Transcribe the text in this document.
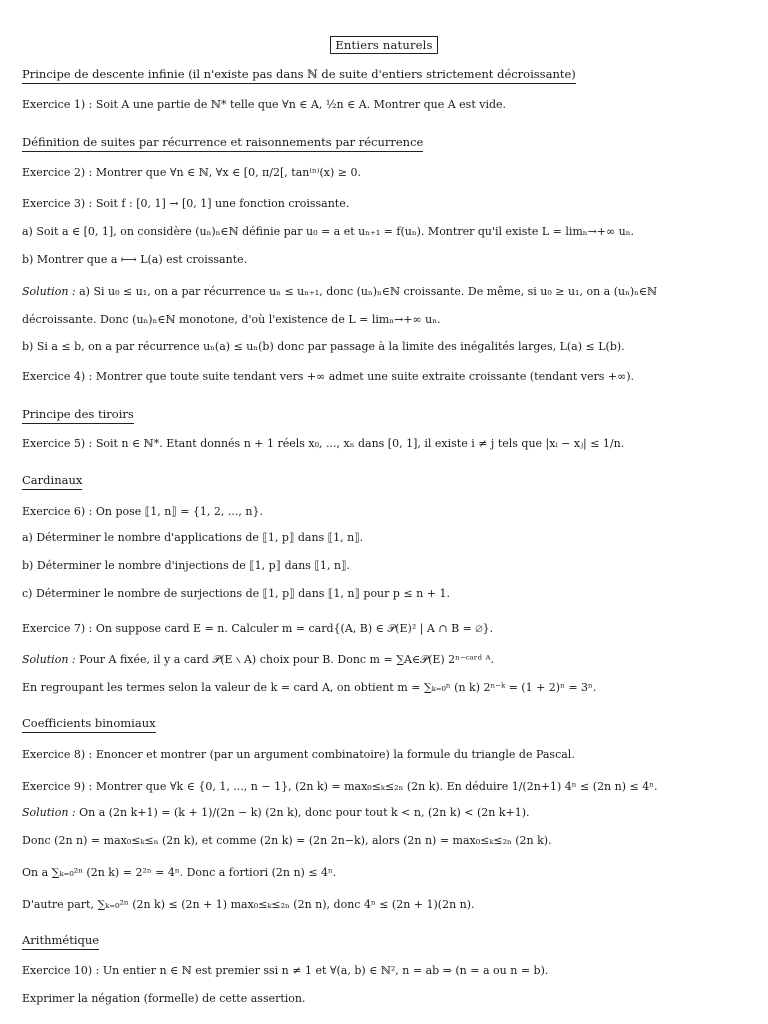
Entiers naturels
Principe de descente infinie (il n'existe pas dans ℕ de suite d'entiers strictement décroissante)
Exercice 1) : Soit A une partie de ℕ* telle que ∀n ∈ A, ½n ∈ A. Montrer que A est vide.
Définition de suites par récurrence et raisonnements par récurrence
Exercice 2) : Montrer que ∀n ∈ ℕ, ∀x ∈ [0, π/2[, tan⁽ⁿ⁾(x) ≥ 0.
Exercice 3) : Soit f : [0, 1] → [0, 1] une fonction croissante.
a) Soit a ∈ [0, 1], on considère (uₙ)ₙ∈ℕ définie par u₀ = a et uₙ₊₁ = f(uₙ). Montrer qu'il existe L = limₙ→+∞ uₙ.
b) Montrer que a ⟼ L(a) est croissante.
Solution : a) Si u₀ ≤ u₁, on a par récurrence uₙ ≤ uₙ₊₁, donc (uₙ)ₙ∈ℕ croissante. De même, si u₀ ≥ u₁, on a (uₙ)ₙ∈ℕ
décroissante. Donc (uₙ)ₙ∈ℕ monotone, d'où l'existence de L = limₙ→+∞ uₙ.
b) Si a ≤ b, on a par récurrence uₙ(a) ≤ uₙ(b) donc par passage à la limite des inégalités larges, L(a) ≤ L(b).
Exercice 4) : Montrer que toute suite tendant vers +∞ admet une suite extraite croissante (tendant vers +∞).
Principe des tiroirs
Exercice 5) : Soit n ∈ ℕ*. Etant donnés n + 1 réels x₀, ..., xₙ dans [0, 1], il existe i ≠ j tels que |xᵢ − xⱼ| ≤ 1/n.
Cardinaux
Exercice 6) : On pose ⟦1, n⟧ = {1, 2, ..., n}.
a) Déterminer le nombre d'applications de ⟦1, p⟧ dans ⟦1, n⟧.
b) Déterminer le nombre d'injections de ⟦1, p⟧ dans ⟦1, n⟧.
c) Déterminer le nombre de surjections de ⟦1, p⟧ dans ⟦1, n⟧ pour p ≤ n + 1.
Exercice 7) : On suppose card E = n. Calculer m = card{(A, B) ∈ 𝒫(E)² | A ∩ B = ∅}.
Solution : Pour A fixée, il y a card 𝒫(E ∖ A) choix pour B. Donc m = ∑A∈𝒫(E) 2ⁿ⁻ᶜᵃʳᵈ ᴬ.
En regroupant les termes selon la valeur de k = card A, on obtient m = ∑ₖ₌₀ⁿ (n k) 2ⁿ⁻ᵏ = (1 + 2)ⁿ = 3ⁿ.
Coefficients binomiaux
Exercice 8) : Enoncer et montrer (par un argument combinatoire) la formule du triangle de Pascal.
Exercice 9) : Montrer que ∀k ∈ {0, 1, ..., n − 1}, (2n k) = max₀≤ₖ≤₂ₙ (2n k). En déduire 1/(2n+1) 4ⁿ ≤ (2n n) ≤ 4ⁿ.
Solution : On a (2n k+1) = (k + 1)/(2n − k) (2n k), donc pour tout k < n, (2n k) < (2n k+1).
Donc (2n n) = max₀≤ₖ≤ₙ (2n k), et comme (2n k) = (2n 2n−k), alors (2n n) = max₀≤ₖ≤₂ₙ (2n k).
On a ∑ₖ₌₀²ⁿ (2n k) = 2²ⁿ = 4ⁿ. Donc a fortiori (2n n) ≤ 4ⁿ.
D'autre part, ∑ₖ₌₀²ⁿ (2n k) ≤ (2n + 1) max₀≤ₖ≤₂ₙ (2n n), donc 4ⁿ ≤ (2n + 1)(2n n).
Arithmétique
Exercice 10) : Un entier n ∈ ℕ est premier ssi n ≠ 1 et ∀(a, b) ∈ ℕ², n = ab ⇒ (n = a ou n = b).
Exprimer la négation (formelle) de cette assertion.
